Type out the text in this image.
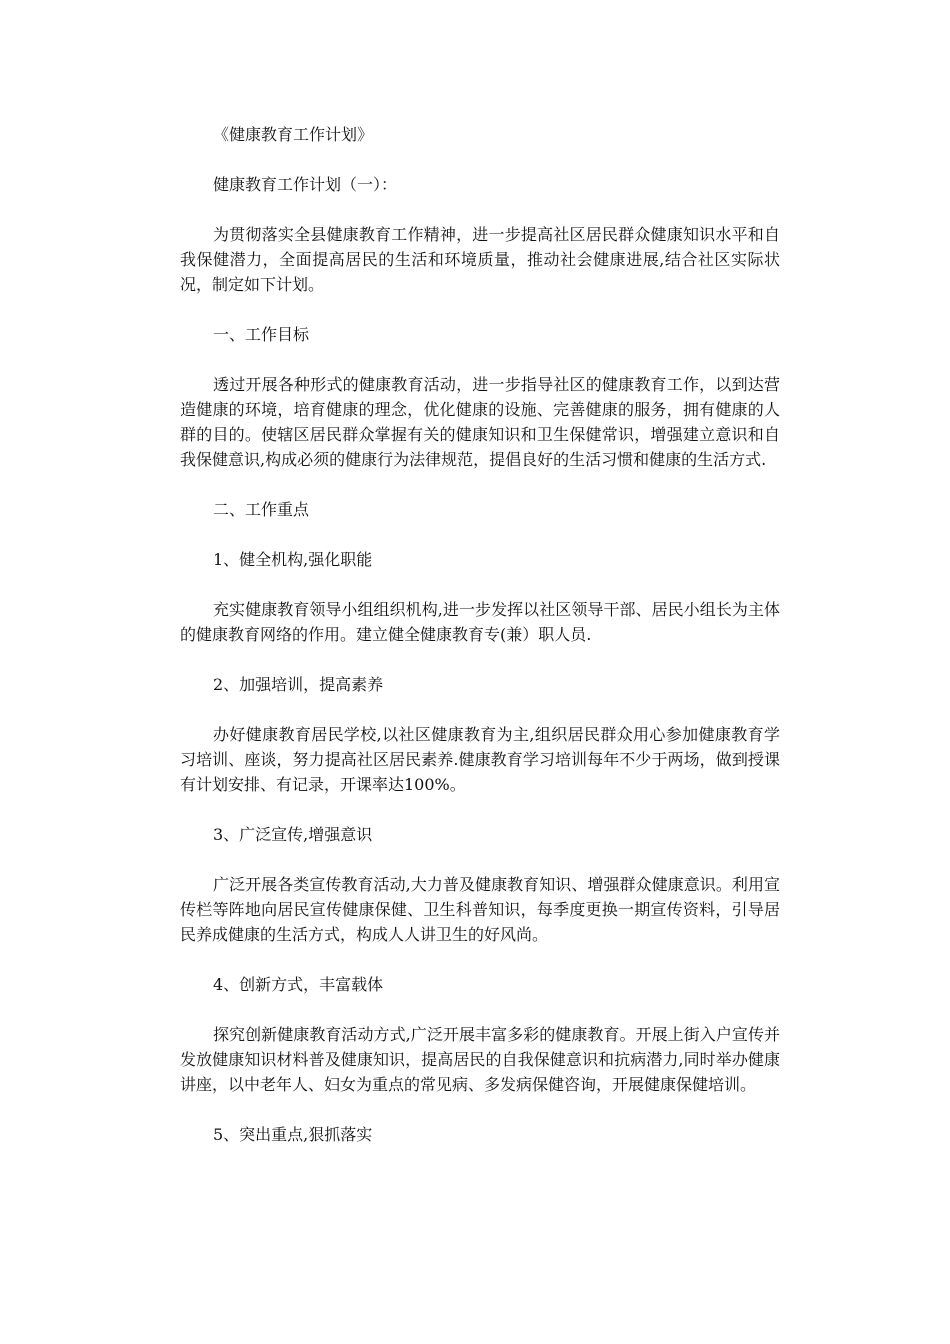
《健康教育工作计划》

健康教育工作计划（一）：

为贯彻落实全县健康教育工作精神，进一步提高社区居民群众健康知识水平和自我保健潜力，全面提高居民的生活和环境质量，推动社会健康进展,结合社区实际状况，制定如下计划。

一、工作目标

透过开展各种形式的健康教育活动，进一步指导社区的健康教育工作，以到达营造健康的环境，培育健康的理念，优化健康的设施、完善健康的服务，拥有健康的人群的目的。使辖区居民群众掌握有关的健康知识和卫生保健常识，增强建立意识和自我保健意识,构成必须的健康行为法律规范，提倡良好的生活习惯和健康的生活方式.

二、工作重点

1、健全机构,强化职能

充实健康教育领导小组组织机构,进一步发挥以社区领导干部、居民小组长为主体的健康教育网络的作用。建立健全健康教育专(兼）职人员.

2、加强培训，提高素养

办好健康教育居民学校,以社区健康教育为主,组织居民群众用心参加健康教育学习培训、座谈，努力提高社区居民素养.健康教育学习培训每年不少于两场，做到授课有计划安排、有记录，开课率达100%。

3、广泛宣传,增强意识

广泛开展各类宣传教育活动,大力普及健康教育知识、增强群众健康意识。利用宣传栏等阵地向居民宣传健康保健、卫生科普知识，每季度更换一期宣传资料，引导居民养成健康的生活方式，构成人人讲卫生的好风尚。

4、创新方式，丰富载体

探究创新健康教育活动方式,广泛开展丰富多彩的健康教育。开展上街入户宣传并发放健康知识材料普及健康知识，提高居民的自我保健意识和抗病潜力,同时举办健康讲座，以中老年人、妇女为重点的常见病、多发病保健咨询，开展健康保健培训。

5、突出重点,狠抓落实
